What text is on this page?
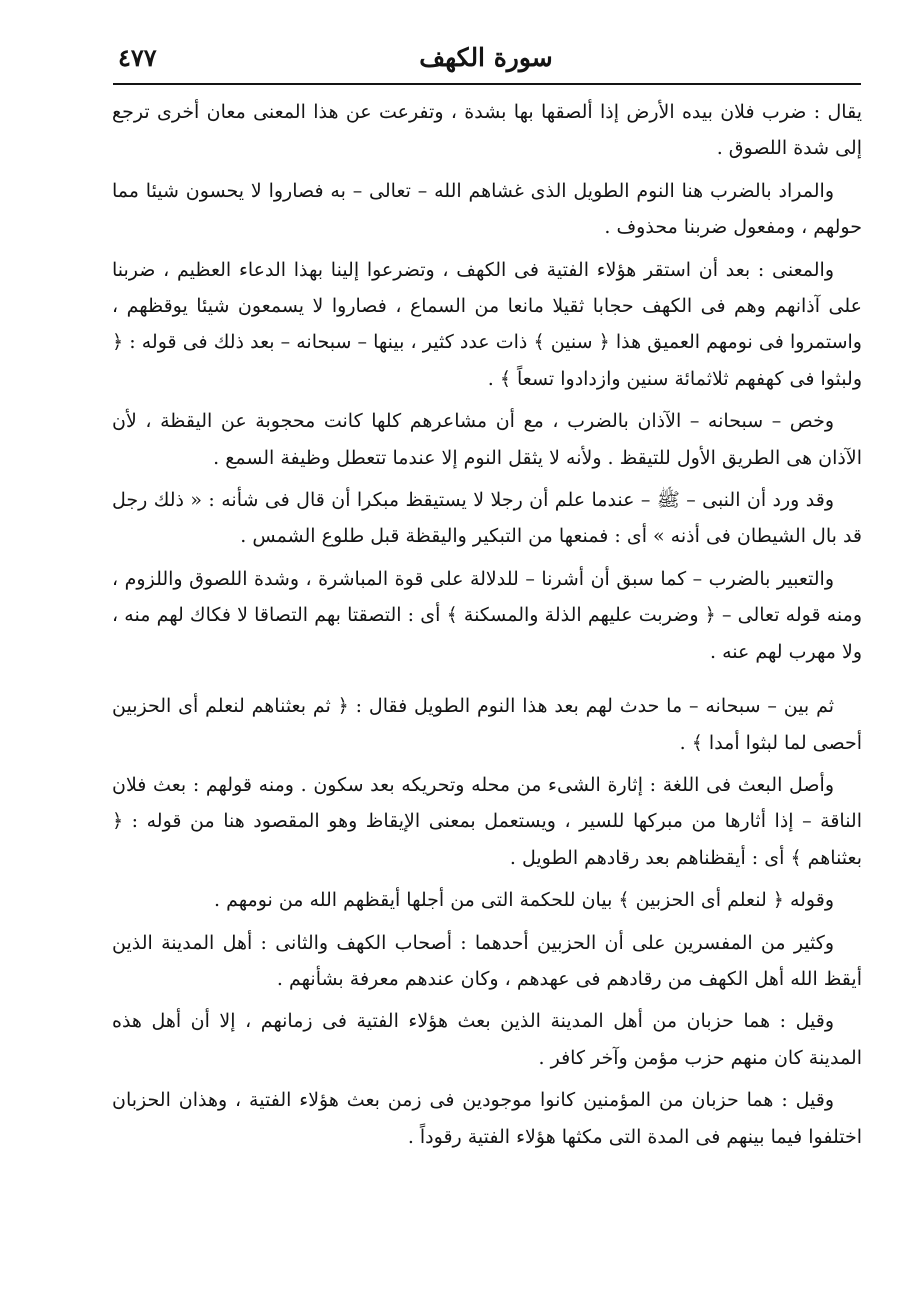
سورة الكهف
٤٧٧

يقال : ضرب فلان بيده الأرض إذا ألصقها بها بشدة ، وتفرعت عن هذا المعنى معان أخرى ترجع إلى شدة اللصوق .

والمراد بالضرب هنا النوم الطويل الذى غشاهم الله – تعالى – به فصاروا لا يحسون شيئا مما حولهم ، ومفعول ضربنا محذوف .

والمعنى : بعد أن استقر هؤلاء الفتية فى الكهف ، وتضرعوا إلينا بهذا الدعاء العظيم ، ضربنا على آذانهم وهم فى الكهف حجابا ثقيلا مانعا من السماع ، فصاروا لا يسمعون شيئا يوقظهم ، واستمروا فى نومهم العميق هذا ﴿ سنين ﴾ ذات عدد كثير ، بينها – سبحانه – بعد ذلك فى قوله : ﴿ ولبثوا فى كهفهم ثلاثمائة سنين وازدادوا تسعاً ﴾ .

وخص – سبحانه – الآذان بالضرب ، مع أن مشاعرهم كلها كانت محجوبة عن اليقظة ، لأن الآذان هى الطريق الأول للتيقظ . ولأنه لا يثقل النوم إلا عندما تتعطل وظيفة السمع .

وقد ورد أن النبى – ﷺ – عندما علم أن رجلا لا يستيقظ مبكرا أن قال فى شأنه : « ذلك رجل قد بال الشيطان فى أذنه » أى : فمنعها من التبكير واليقظة قبل طلوع الشمس .

والتعبير بالضرب – كما سبق أن أشرنا – للدلالة على قوة المباشرة ، وشدة اللصوق واللزوم ، ومنه قوله تعالى – ﴿ وضربت عليهم الذلة والمسكنة ﴾ أى : التصقتا بهم التصاقا لا فكاك لهم منه ، ولا مهرب لهم عنه .

ثم بين – سبحانه – ما حدث لهم بعد هذا النوم الطويل فقال : ﴿ ثم بعثناهم لنعلم أى الحزبين أحصى لما لبثوا أمدا ﴾ .

وأصل البعث فى اللغة : إثارة الشىء من محله وتحريكه بعد سكون . ومنه قولهم : بعث فلان الناقة – إذا أثارها من مبركها للسير ، ويستعمل بمعنى الإيقاظ وهو المقصود هنا من قوله : ﴿ بعثناهم ﴾ أى : أيقظناهم بعد رقادهم الطويل .

وقوله ﴿ لنعلم أى الحزبين ﴾ بيان للحكمة التى من أجلها أيقظهم الله من نومهم .

وكثير من المفسرين على أن الحزبين أحدهما : أصحاب الكهف والثانى : أهل المدينة الذين أيقظ الله أهل الكهف من رقادهم فى عهدهم ، وكان عندهم معرفة بشأنهم .

وقيل : هما حزبان من أهل المدينة الذين بعث هؤلاء الفتية فى زمانهم ، إلا أن أهل هذه المدينة كان منهم حزب مؤمن وآخر كافر .

وقيل : هما حزبان من المؤمنين كانوا موجودين فى زمن بعث هؤلاء الفتية ، وهذان الحزبان اختلفوا فيما بينهم فى المدة التى مكثها هؤلاء الفتية رقوداً .
